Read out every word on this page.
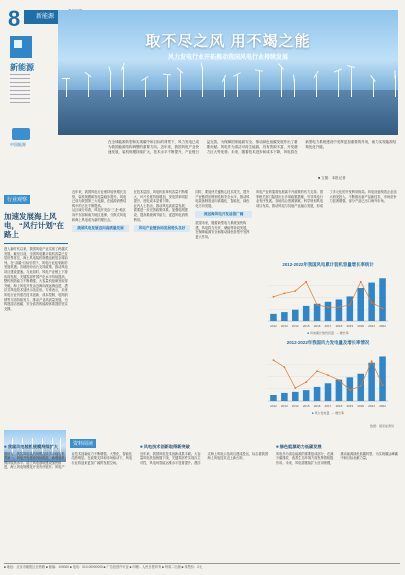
8	新能源
新能源
中国能源
取不尽之风 用不竭之能
风力发电行业开拓推动我国风电行业持续发展
在全球能源转型和实现碳中和目标的背景下，风力发电已成为我国能源结构调整的重要方向。近年来，我国风电产业快速发展，装机规模持续扩大，技术水平不断提升，产业链日益完善，为保障国家能源安全、推动绿色低碳发展作出了重要贡献。风电作为清洁可再生能源，具有资源丰富、开发潜力巨大等优势。未来，随着技术进步和成本下降，风电将在新型电力系统建设中发挥更加重要的作用，助力实现能源结构优化升级。
■ 文图：本报记者
行业观察
加速发展海上风电，“风行计划”在路上
进入新时代以来，我国风电产业实现了跨越式发展。截至目前，全国风电累计装机容量已位居世界首位，海上风电装机规模也跃居全球前列。在“双碳”目标引领下，风电行业迎来新的发展机遇。各地纷纷出台支持政策，推动风电项目建设提速。与此同时，风电产业链上下游协同发展，关键零部件国产化水平持续提高，整机制造能力不断增强，大容量机组研发取得突破。海上风电开发由近海向深远海迈进，漂浮式风电技术加快示范应用。专家表示，未来风电行业仍需在技术创新、成本控制、电网消纳等方面持续发力，推动产业高质量发展，为构建清洁低碳、安全高效的能源体系提供坚实支撑。

近年来，我国风电行业保持较快增长态势，装机规模和发电量稳步提升。风电已成为我国第三大电源，在能源消费结构中的占比不断提高。

从区域分布看，风电开发由“三北”地区向中东部和南方地区延伸，分散式风电和海上风电成为新的增长点。

我国风电发展迈向高质量发展

在技术层面，风电机组单机容量不断增大，叶片长度持续增加，发电效率明显提升，度电成本显著下降。

业内人士指出，推动风电高质量发展，需要进一步完善政策体系，加强电网建设，提高系统调节能力，促进风电消纳利用。

风电产业链协同发展势头良好

同时，要加快关键核心技术攻关，提升产业链供应链韧性和安全水平，推动风电装备制造业向高端化、智能化、绿色化方向发展。

深远海风电开发前景广阔

展望未来，随着新型电力系统加快构建，风电将与光伏、储能等协同发展，在保障能源安全和推动绿色转型中发挥更大作用。

风电产业的蓬勃发展离不开政策的有力支持。国家相关部门陆续出台多项政策措施，引导风电行业有序发展。各地结合资源禀赋，科学规划风电项目布局，推动风电与其他产业融合发展，形成了多元化的开发利用格局。风电设备制造企业加大研发投入，不断推出新产品新技术，市场竞争力显著增强，部分产品已出口海外市场。
2012-2022年我国风电累计装机容量增长率统计
2012 2013 2014 2015 2016 2017 2018 2019 2020 2021 2022
■ 风电累计装机容量 — 增长率
2012-2022年我国风力发电量及增长率情况
2012 2013 2014 2015 2016 2017 2018 2019 2020 2021 2022
■ 风力发电量 — 增长率
数据：国家能源局
资料阅读
■ 我国风电装机规模持续扩大
据统计，我国风电装机规模连续多年稳居世界第一。风电开发建设持续推进，新增装机保持较高水平。陆上风电基地建设加快推进，海上风电规模化开发有序展开。风电产业技术创新能力不断增强，大型化、智能化趋势明显。在政策支持和市场驱动下，风电行业将迎来更加广阔的发展空间。
■ 风电技术创新取得新突破
近年来，我国风电技术创新成果丰硕。大容量风电机组相继下线，关键零部件实现自主可控，风电场智能运维水平显著提升。漂浮式海上风电示范项目建成投运，标志着我国海上风电技术迈上新台阶。
■ 绿色能源助力低碳发展
风电作为清洁能源的重要组成部分，在减少碳排放、改善生态环境方面发挥着积极作用。未来，风电将继续扩大应用规模，推动能源绿色低碳转型，为实现碳达峰碳中和目标贡献力量。
■ 地址：北京市朝阳区北苑路 ■ 邮编：100000 ■ 电话：010-00000000 ■ 广告经营许可证 ■ 印刷：人民日报印务 ■ 每周二出版 ■ 零售价：2元
